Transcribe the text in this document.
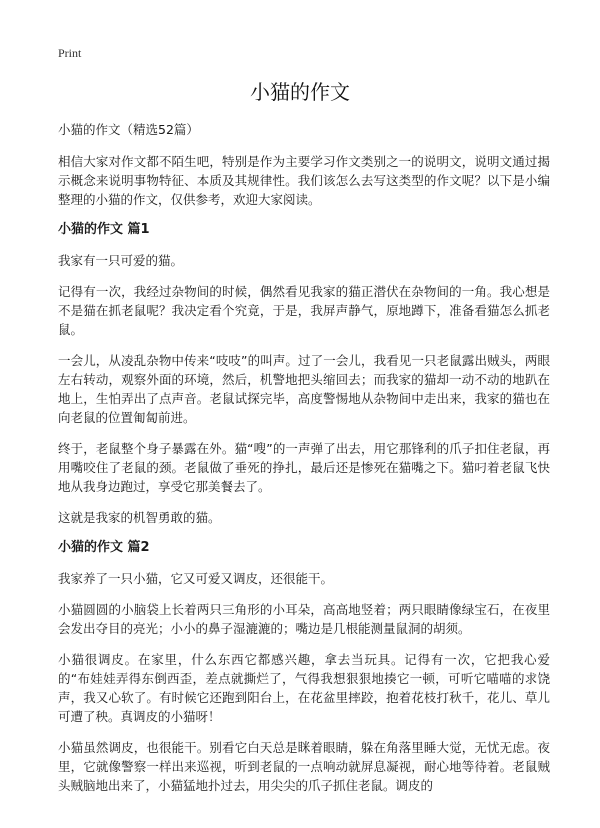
Print
小猫的作文

小猫的作文（精选52篇）

相信大家对作文都不陌生吧，特别是作为主要学习作文类别之一的说明文，说明文通过揭示概念来说明事物特征、本质及其规律性。我们该怎么去写这类型的作文呢？以下是小编整理的小猫的作文，仅供参考，欢迎大家阅读。

小猫的作文 篇1

我家有一只可爱的猫。

记得有一次，我经过杂物间的时候，偶然看见我家的猫正潜伏在杂物间的一角。我心想是不是猫在抓老鼠呢？我决定看个究竟，于是，我屏声静气，原地蹲下，准备看猫怎么抓老鼠。

一会儿，从凌乱杂物中传来“吱吱”的叫声。过了一会儿，我看见一只老鼠露出贼头，两眼左右转动，观察外面的环境，然后，机警地把头缩回去；而我家的猫却一动不动的地趴在地上，生怕弄出了点声音。老鼠试探完毕，高度警惕地从杂物间中走出来，我家的猫也在向老鼠的位置匍匐前进。

终于，老鼠整个身子暴露在外。猫“嗖”的一声弹了出去，用它那锋利的爪子扣住老鼠，再用嘴咬住了老鼠的颈。老鼠做了垂死的挣扎，最后还是惨死在猫嘴之下。猫叼着老鼠飞快地从我身边跑过，享受它那美餐去了。

这就是我家的机智勇敢的猫。

小猫的作文 篇2

我家养了一只小猫，它又可爱又调皮，还很能干。

小猫圆圆的小脑袋上长着两只三角形的小耳朵，高高地竖着；两只眼睛像绿宝石，在夜里会发出夺目的亮光；小小的鼻子湿漉漉的；嘴边是几根能测量鼠洞的胡须。

小猫很调皮。在家里，什么东西它都感兴趣，拿去当玩具。记得有一次，它把我心爱的“布娃娃弄得东倒西歪，差点就撕烂了，气得我想狠狠地揍它一顿，可听它喵喵的求饶声，我又心软了。有时候它还跑到阳台上，在花盆里摔跤，抱着花枝打秋千，花儿、草儿可遭了秧。真调皮的小猫呀！

小猫虽然调皮，也很能干。别看它白天总是眯着眼睛，躲在角落里睡大觉，无忧无虑。夜里，它就像警察一样出来巡视，听到老鼠的一点响动就屏息凝视，耐心地等待着。老鼠贼头贼脑地出来了，小猫猛地扑过去，用尖尖的爪子抓住老鼠。调皮的
